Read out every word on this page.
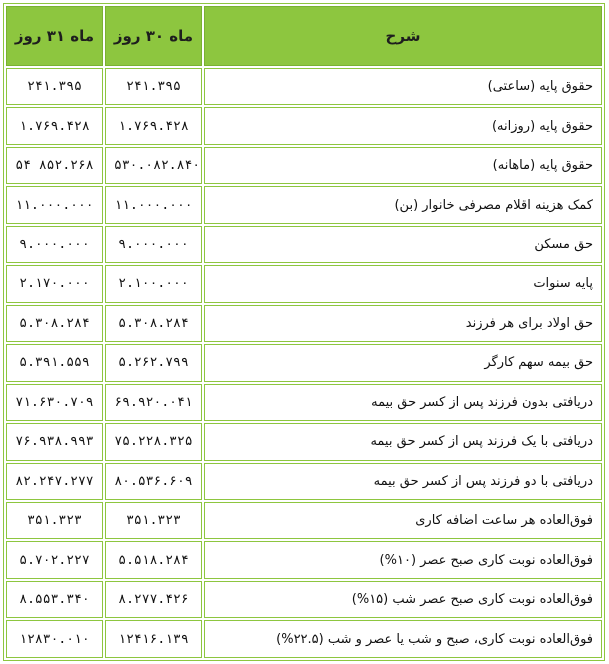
ماه ۳۱ روز	ماه ۳۰ روز	شرح
۲۴۱.۳۹۵	۲۴۱.۳۹۵	حقوق پایه (ساعتی)
۱.۷۶۹.۴۲۸	۱.۷۶۹.۴۲۸	حقوق پایه (روزانه)
۵۴ ۸۵۲.۲۶۸	۵۳۰.۰۸۲.۸۴۰	حقوق پایه (ماهانه)
۱۱.۰۰۰.۰۰۰	۱۱.۰۰۰.۰۰۰	کمک هزینه اقلام مصرفی خانوار (بن)
۹.۰۰۰.۰۰۰	۹.۰۰۰.۰۰۰	حق مسکن
۲.۱۷۰.۰۰۰	۲.۱۰۰.۰۰۰	پایه سنوات
۵.۳۰۸.۲۸۴	۵.۳۰۸.۲۸۴	حق اولاد برای هر فرزند
۵.۳۹۱.۵۵۹	۵.۲۶۲.۷۹۹	حق بیمه سهم کارگر
۷۱.۶۳۰.۷۰۹	۶۹.۹۲۰.۰۴۱	دریافتی بدون فرزند پس از کسر حق بیمه
۷۶.۹۳۸.۹۹۳	۷۵.۲۲۸.۳۲۵	دریافتی با یک فرزند پس از کسر حق بیمه
۸۲.۲۴۷.۲۷۷	۸۰.۵۳۶.۶۰۹	دریافتی با دو فرزند پس از کسر حق بیمه
۳۵۱.۳۲۳	۳۵۱.۳۲۳	فوق‌العاده هر ساعت اضافه کاری
۵.۷۰۲.۲۲۷	۵.۵۱۸.۲۸۴	فوق‌العاده نوبت کاری صبح عصر (۱۰%)
۸.۵۵۳.۳۴۰	۸.۲۷۷.۴۲۶	فوق‌العاده نوبت کاری صبح عصر شب (۱۵%)
۱۲۸۳۰.۰۱۰	۱۲۴۱۶.۱۳۹	فوق‌العاده نوبت کاری، صبح و شب یا عصر و شب (۲۲.۵%)
